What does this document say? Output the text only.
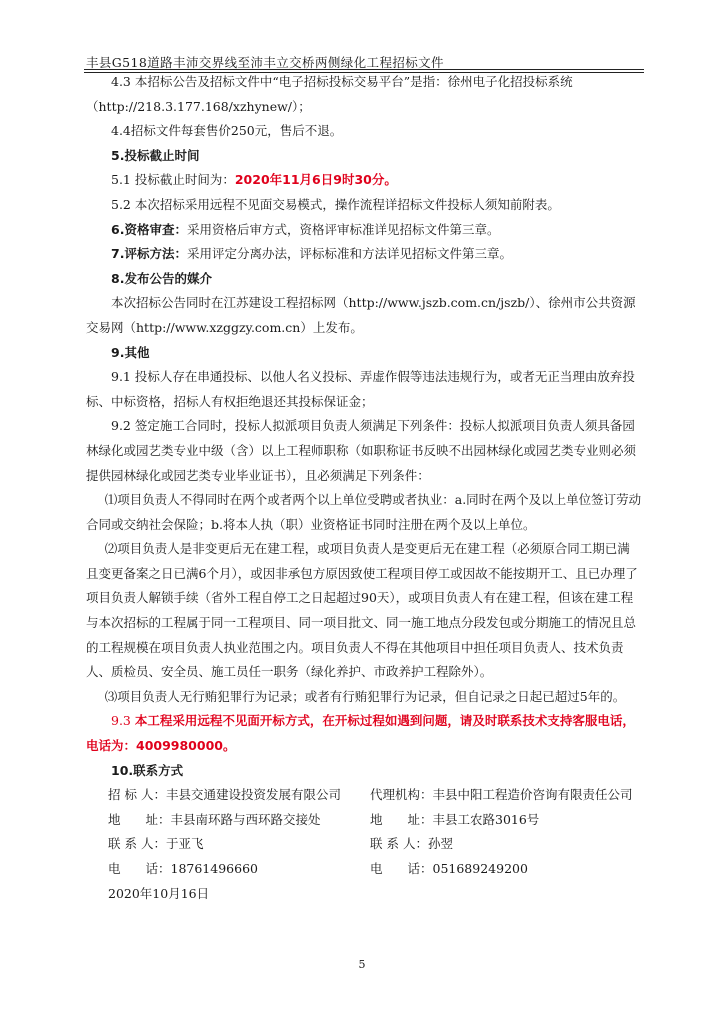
丰县G518道路丰沛交界线至沛丰立交桥两侧绿化工程招标文件

4.3 本招标公告及招标文件中“电子招标投标交易平台”是指：徐州电子化招投标系统（http://218.3.177.168/xzhynew/）；

4.4招标文件每套售价250元，售后不退。

5.投标截止时间

5.1 投标截止时间为：2020年11月6日9时30分。

5.2 本次招标采用远程不见面交易模式，操作流程详招标文件投标人须知前附表。

6.资格审查：采用资格后审方式，资格评审标准详见招标文件第三章。

7.评标方法：采用评定分离办法，评标标准和方法详见招标文件第三章。

8.发布公告的媒介

本次招标公告同时在江苏建设工程招标网（http://www.jszb.com.cn/jszb/）、徐州市公共资源交易网（http://www.xzggzy.com.cn）上发布。

9.其他

9.1 投标人存在串通投标、以他人名义投标、弄虚作假等违法违规行为，或者无正当理由放弃投标、中标资格，招标人有权拒绝退还其投标保证金；

9.2 签定施工合同时，投标人拟派项目负责人须满足下列条件：投标人拟派项目负责人须具备园林绿化或园艺类专业中级（含）以上工程师职称（如职称证书反映不出园林绿化或园艺类专业则必须提供园林绿化或园艺类专业毕业证书），且必须满足下列条件：

⑴项目负责人不得同时在两个或者两个以上单位受聘或者执业：a.同时在两个及以上单位签订劳动合同或交纳社会保险；b.将本人执（职）业资格证书同时注册在两个及以上单位。

⑵项目负责人是非变更后无在建工程，或项目负责人是变更后无在建工程（必须原合同工期已满且变更备案之日已满6个月），或因非承包方原因致使工程项目停工或因故不能按期开工、且已办理了项目负责人解锁手续（省外工程自停工之日起超过90天），或项目负责人有在建工程，但该在建工程与本次招标的工程属于同一工程项目、同一项目批文、同一施工地点分段发包或分期施工的情况且总的工程规模在项目负责人执业范围之内。项目负责人不得在其他项目中担任项目负责人、技术负责人、质检员、安全员、施工员任一职务（绿化养护、市政养护工程除外）。

⑶项目负责人无行贿犯罪行为记录；或者有行贿犯罪行为记录，但自记录之日起已超过5年的。

9.3 本工程采用远程不见面开标方式，在开标过程如遇到问题，请及时联系技术支持客服电话，电话为：4009980000。

10.联系方式

招 标 人：丰县交通建设投资发展有限公司	代理机构：丰县中阳工程造价咨询有限责任公司
地　　址：丰县南环路与西环路交接处	地　　址：丰县工农路3016号
联 系 人：于亚飞	联 系 人：孙翌
电　　话：18761496660	电　　话：051689249200

2020年10月16日

5
